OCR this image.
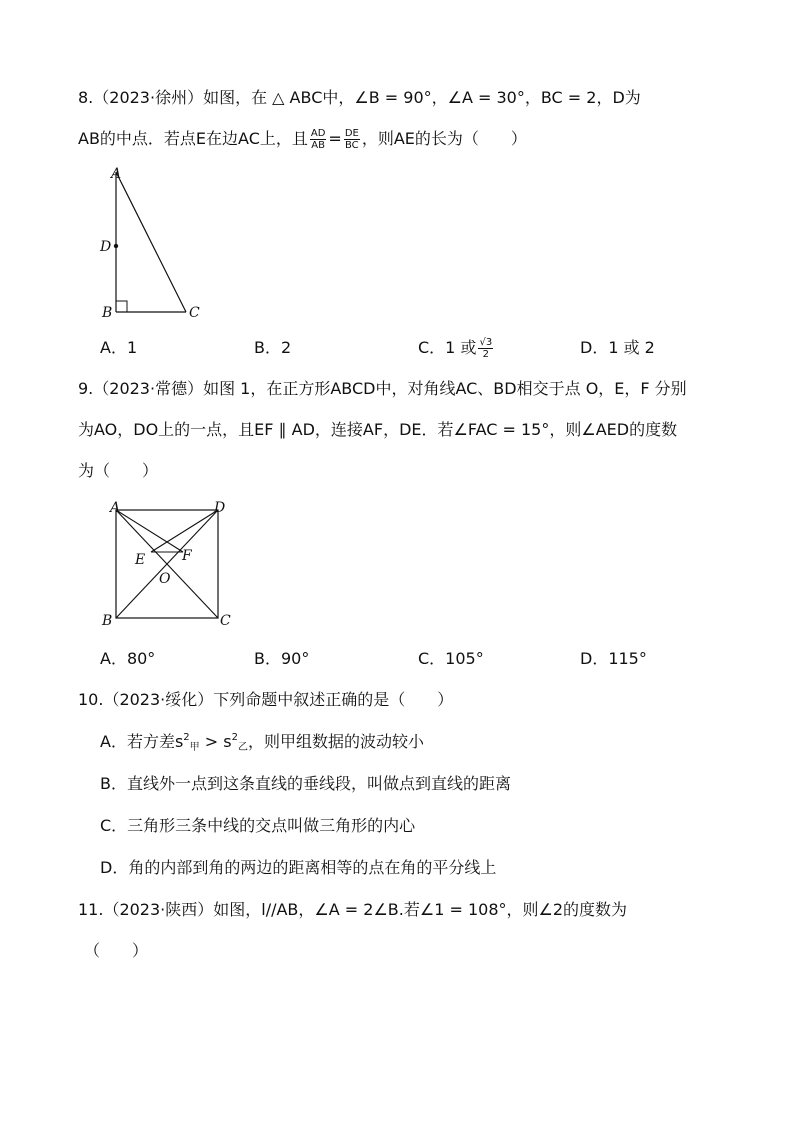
8.（2023·徐州）如图，在 △ ABC中，∠B = 90°，∠A = 30°，BC = 2，D为
AB的中点．若点E在边AC上，且 $\frac{AD}{AB} = \frac{DE}{BC}$ ，则AE的长为（　　）
A
D
B	C
A．1	B．2	C．1 或 $\frac{√3}{2}$	D．1 或 2
9.（2023·常德）如图 1，在正方形ABCD中，对角线AC、BD相交于点 O，E，F 分别
为AO，DO上的一点，且EF ∥ AD，连接AF，DE．若∠FAC = 15°，则∠AED的度数
为（　　）
A	D
E	F
O
B	C
A．80°	B．90°	C．105°	D．115°
10.（2023·绥化）下列命题中叙述正确的是（　　）
A．若方差$s^2$甲 > $s^2$乙，则甲组数据的波动较小
B．直线外一点到这条直线的垂线段，叫做点到直线的距离
C．三角形三条中线的交点叫做三角形的内心
D．角的内部到角的两边的距离相等的点在角的平分线上
11.（2023·陕西）如图，l//AB，∠A = 2∠B.若∠1 = 108°，则∠2的度数为
（　　）
